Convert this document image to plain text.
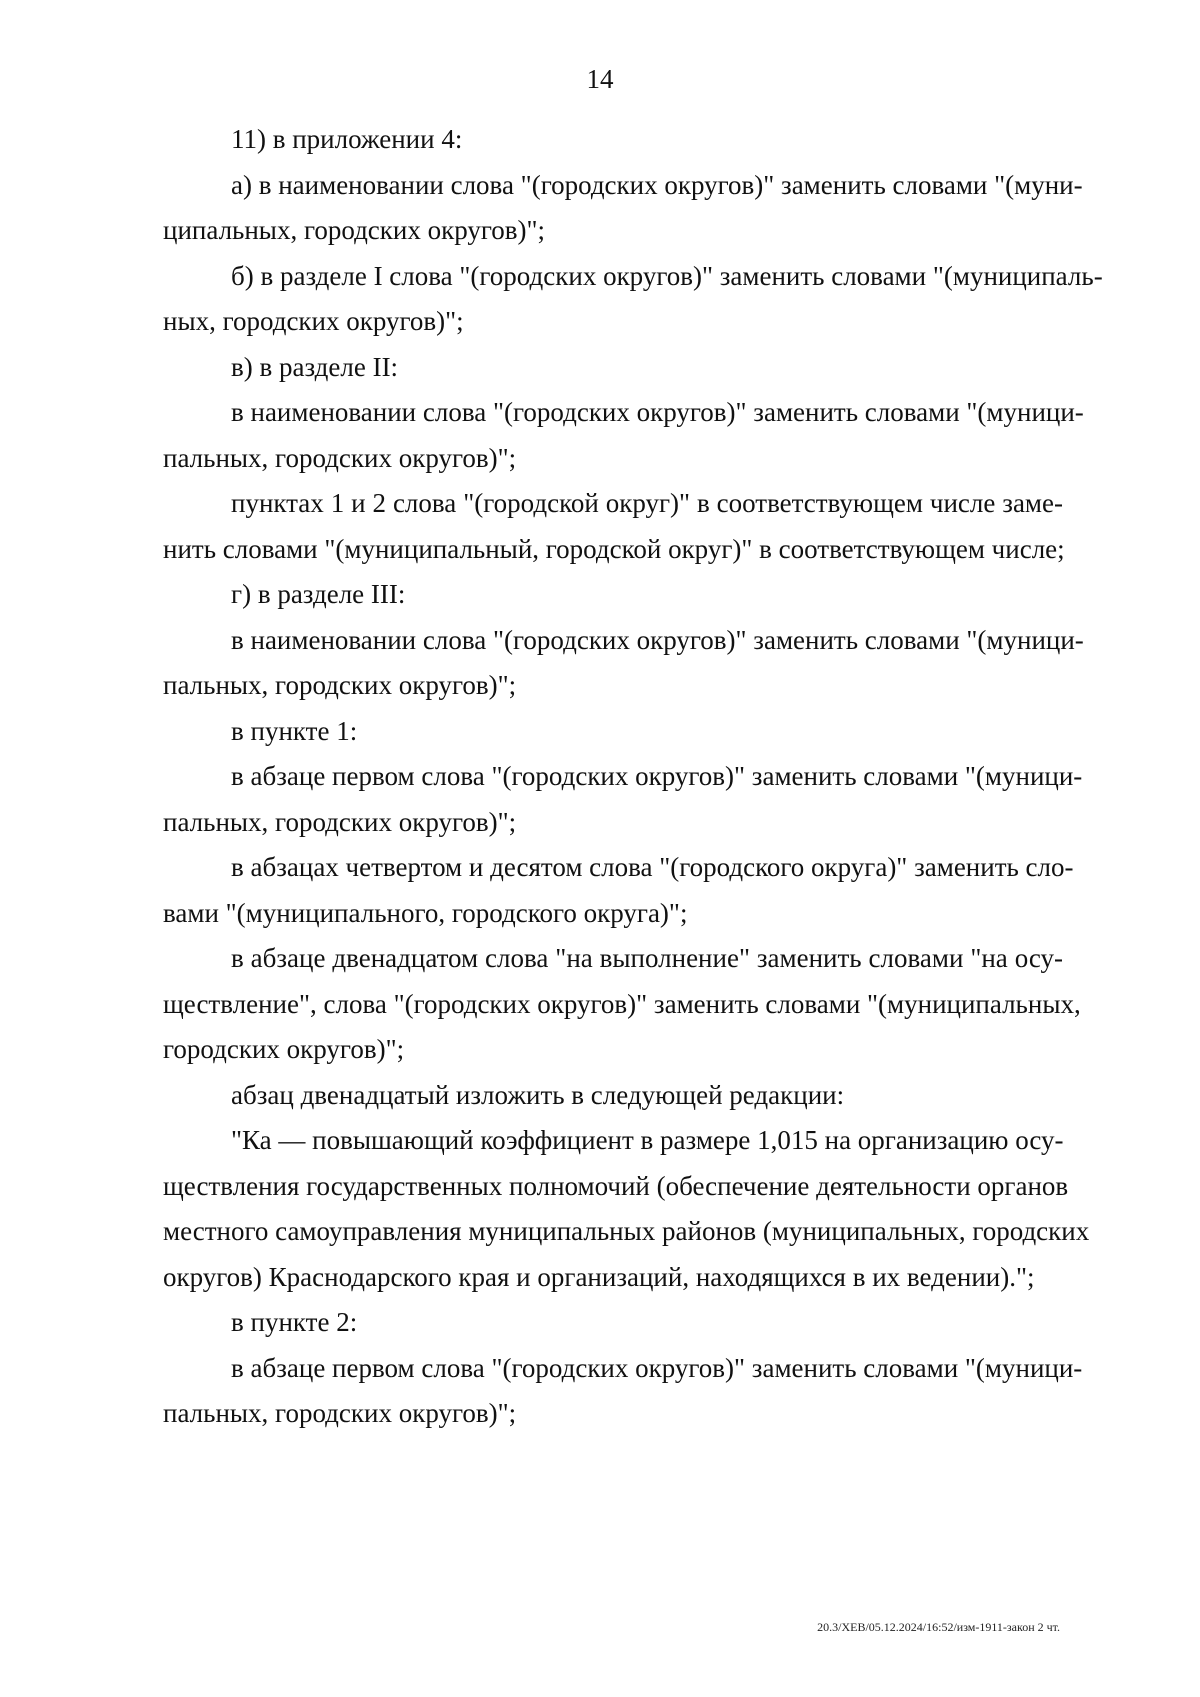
14
11) в приложении 4:
а) в наименовании слова "(городских округов)" заменить словами "(муни-
ципальных, городских округов)";
б) в разделе I слова "(городских округов)" заменить словами "(муниципаль-
ных, городских округов)";
в) в разделе II:
в наименовании слова "(городских округов)" заменить словами "(муници-
пальных, городских округов)";
пунктах 1 и 2 слова "(городской округ)" в соответствующем числе заме-
нить словами "(муниципальный, городской округ)" в соответствующем числе;
г) в разделе III:
в наименовании слова "(городских округов)" заменить словами "(муници-
пальных, городских округов)";
в пункте 1:
в абзаце первом слова "(городских округов)" заменить словами "(муници-
пальных, городских округов)";
в абзацах четвертом и десятом слова "(городского округа)" заменить сло-
вами "(муниципального, городского округа)";
в абзаце двенадцатом слова "на выполнение" заменить словами "на осу-
ществление", слова "(городских округов)" заменить словами "(муниципальных,
городских округов)";
абзац двенадцатый изложить в следующей редакции:
"Ка — повышающий коэффициент в размере 1,015 на организацию осу-
ществления государственных полномочий (обеспечение деятельности органов
местного самоуправления муниципальных районов (муниципальных, городских
округов) Краснодарского края и организаций, находящихся в их ведении).";
в пункте 2:
в абзаце первом слова "(городских округов)" заменить словами "(муници-
пальных, городских округов)";
20.3/ХЕВ/05.12.2024/16:52/изм-1911-закон 2 чт.
